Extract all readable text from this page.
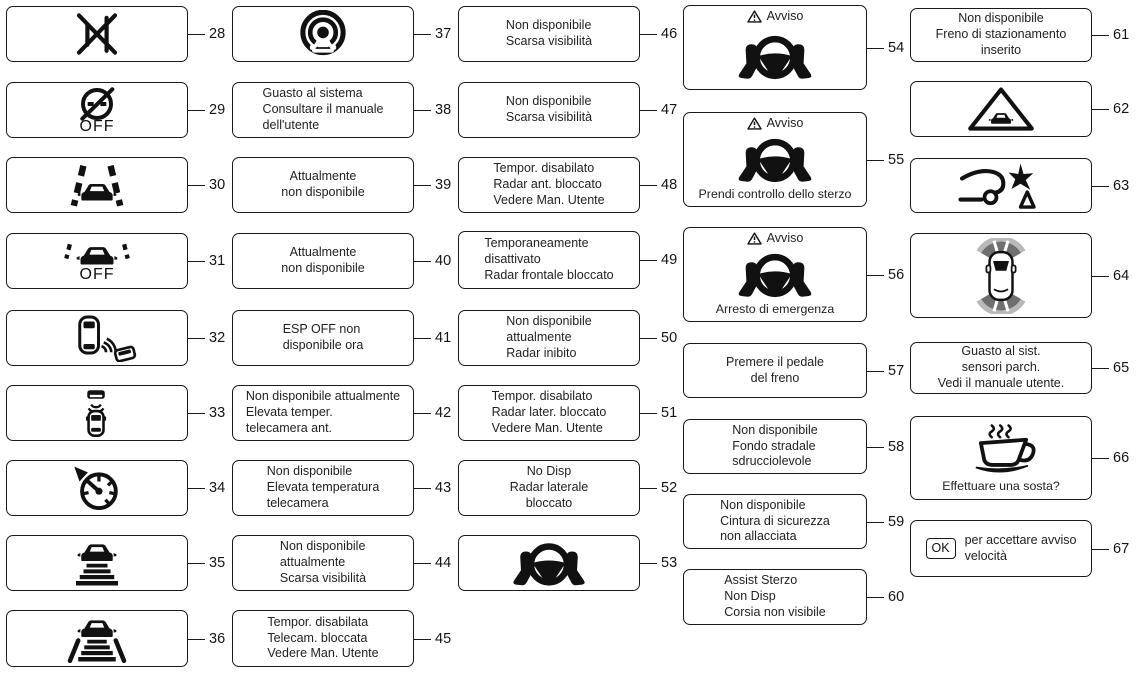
28
OFF
29
30
OFF
31
32
33
34
35
36
37
Guasto al sistema
Consultare il manuale
dell'utente
38
Attualmente
non disponibile	39
Attualmente
non disponibile	40
ESP OFF non
disponibile ora	41
Non disponibile attualmente
Elevata temper.
telecamera ant.
42
Non disponibile
Elevata temperatura
telecamera
43
Non disponibile
attualmente
Scarsa visibilità
44
Tempor. disabilata
Telecam. bloccata
Vedere Man. Utente
45
Non disponibile
Scarsa visibilità	46
Non disponibile
Scarsa visibilità	47
Tempor. disabilato
Radar ant. bloccato
Vedere Man. Utente
48
Temporaneamente
disattivato
Radar frontale bloccato
49
Non disponibile
attualmente
Radar inibito
50
Tempor. disabilato
Radar later. bloccato
Vedere Man. Utente
51
No Disp
Radar laterale
bloccato
52
53
Avviso
54
Avviso
Prendi controllo dello sterzo
55
Avviso
Arresto di emergenza
56
Premere il pedale
del freno	57
Non disponibile
Fondo stradale
sdrucciolevole
58
Non disponibile
Cintura di sicurezza
non allacciata
59
Assist Sterzo
Non Disp
Corsia non visibile
60
Non disponibile
Freno di stazionamento
inserito
61
62
63
64
Guasto al sist.
sensori parch.
Vedi il manuale utente.
65
Effettuare una sosta?
66
OK
per accettare avviso
velocità	67
